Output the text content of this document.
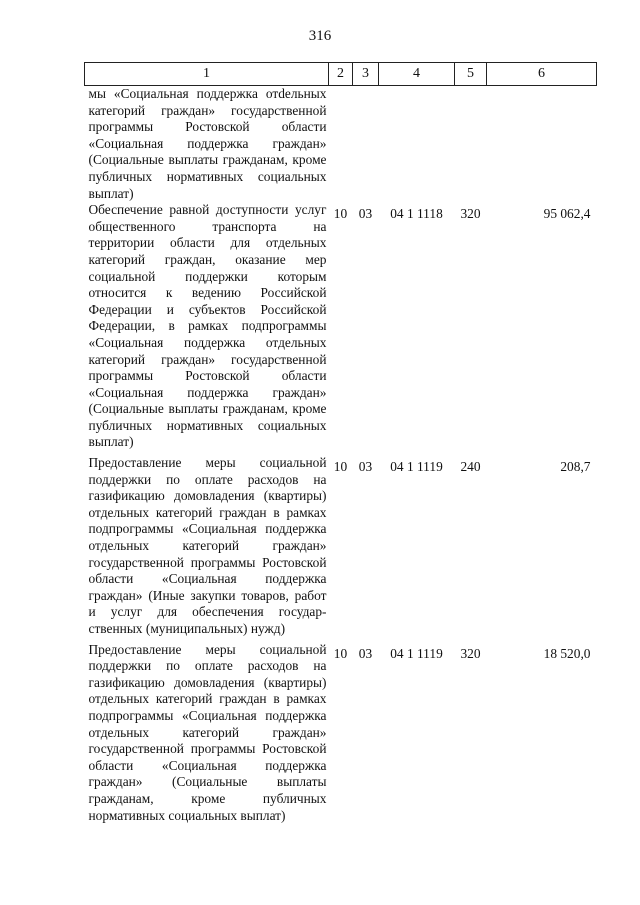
316
1	2	3	4	5	6
мы «Социальная поддержка отdельных категорий граждан» государственной программы Ростовской области «Социальная поддержка граждан» (Социальные выплаты гражданам, кроме публичных нормативных социальных выплат)					
Обеспечение равной доступности услуг общественного транспорта на территории области для отдельных категорий граждан, оказание мер социальной поддержки которым относится к ведению Российской Федерации и субъектов Российской Федерации, в рамках подпрограммы «Социальная поддержка отдельных категорий граждан» государственной программы Ростовской области «Социальная поддержка граждан» (Социальные выплаты гражданам, кроме публичных нормативных социальных выплат)	10	03	04 1 1118	320	95 062,4
Предоставление меры социальной поддержки по оплате расходов на газификацию домовладения (квартиры) отдельных категорий граждан в рамках подпрограммы «Социальная поддержка отдельных категорий граждан» государственной программы Ростовской области «Социальная поддержка граждан» (Иные закупки товаров, работ и услуг для обеспечения государственных (муниципальных) нужд)	10	03	04 1 1119	240	208,7
Предоставление меры социальной поддержки по оплате расходов на газификацию домовладения (квартиры) отдельных категорий граждан в рамках подпрограммы «Социальная поддержка отдельных категорий граждан» государственной программы Ростовской области «Социальная поддержка граждан» (Социальные выплаты гражданам, кроме публичных нормативных социальных выплат)	10	03	04 1 1119	320	18 520,0
